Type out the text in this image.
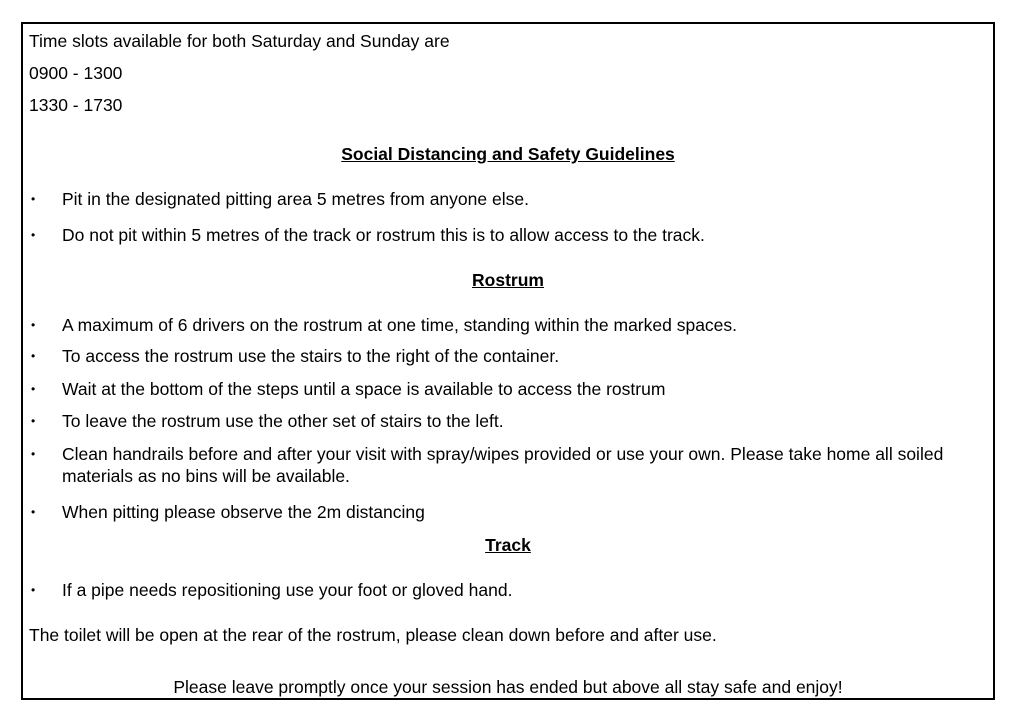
Time slots available for both Saturday and Sunday are
0900 - 1300
1330 - 1730
Social Distancing and Safety Guidelines
• Pit in the designated pitting area 5 metres from anyone else.
• Do not pit within 5 metres of the track or rostrum this is to allow access to the track.
Rostrum
• A maximum of 6 drivers on the rostrum at one time, standing within the marked spaces.
• To access the rostrum use the stairs to the right of the container.
• Wait at the bottom of the steps until a space is available to access the rostrum
• To leave the rostrum use the other set of stairs to the left.
• Clean handrails before and after your visit with spray/wipes provided or use your own. Please take home all soiled materials as no bins will be available.
• When pitting please observe the 2m distancing
Track
• If a pipe needs repositioning use your foot or gloved hand.
The toilet will be open at the rear of the rostrum, please clean down before and after use.
Please leave promptly once your session has ended but above all stay safe and enjoy!
